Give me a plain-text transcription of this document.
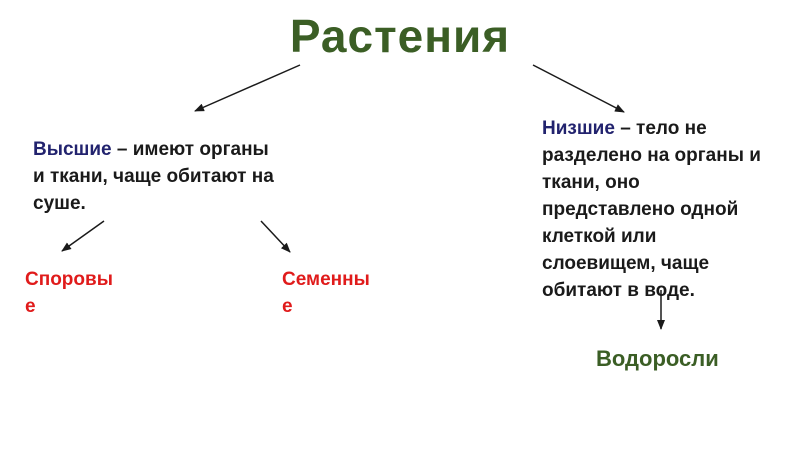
Растения
Высшие – имеют органы и ткани, чаще обитают на суше.
Низшие – тело не
разделено на органы и
ткани, оно
представлено одной
клеткой или
слоевищем, чаще
обитают в воде.
Споровы
е
Семенны
е
Водоросли
